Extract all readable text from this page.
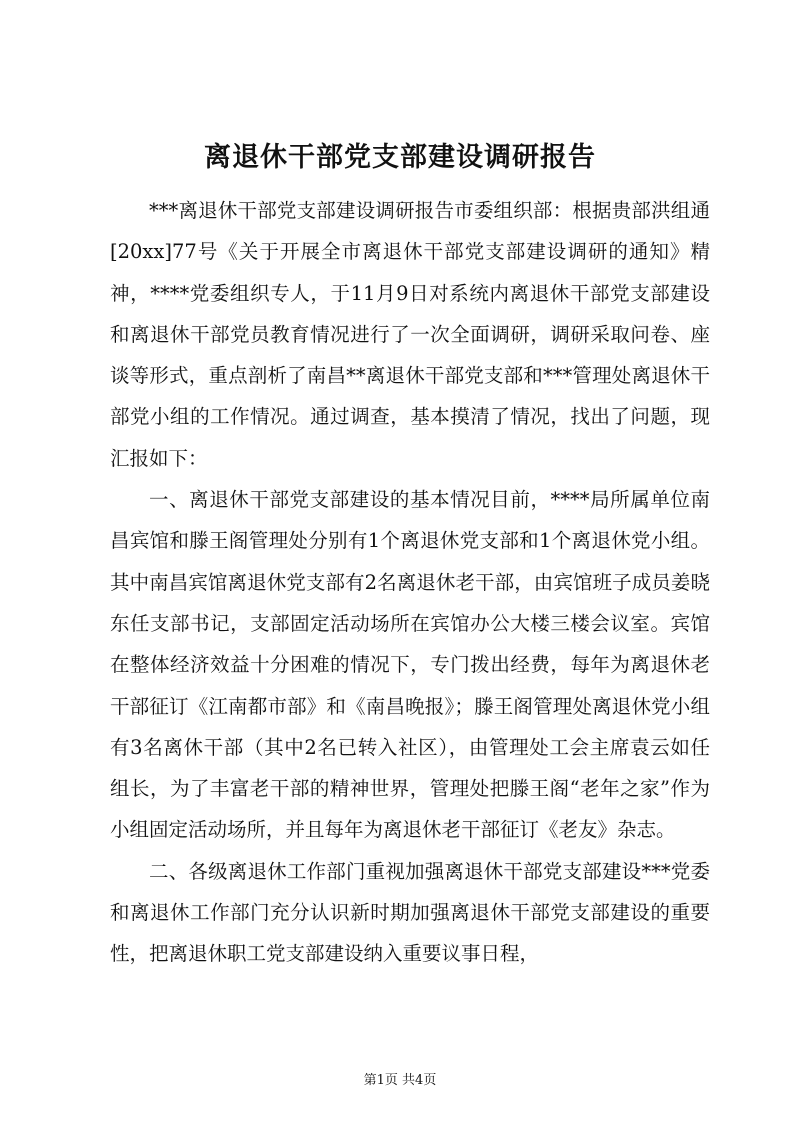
离退休干部党支部建设调研报告

***离退休干部党支部建设调研报告市委组织部：根据贵部洪组通[20xx]77号《关于开展全市离退休干部党支部建设调研的通知》精神，****党委组织专人，于11月9日对系统内离退休干部党支部建设和离退休干部党员教育情况进行了一次全面调研，调研采取问卷、座谈等形式，重点剖析了南昌**离退休干部党支部和***管理处离退休干部党小组的工作情况。通过调查，基本摸清了情况，找出了问题，现汇报如下：

一、离退休干部党支部建设的基本情况目前，****局所属单位南昌宾馆和滕王阁管理处分别有1个离退休党支部和1个离退休党小组。其中南昌宾馆离退休党支部有2名离退休老干部，由宾馆班子成员姜晓东任支部书记，支部固定活动场所在宾馆办公大楼三楼会议室。宾馆在整体经济效益十分困难的情况下，专门拨出经费，每年为离退休老干部征订《江南都市部》和《南昌晚报》；滕王阁管理处离退休党小组有3名离休干部（其中2名已转入社区），由管理处工会主席袁云如任组长，为了丰富老干部的精神世界，管理处把滕王阁“老年之家”作为小组固定活动场所，并且每年为离退休老干部征订《老友》杂志。

二、各级离退休工作部门重视加强离退休干部党支部建设***党委和离退休工作部门充分认识新时期加强离退休干部党支部建设的重要性，把离退休职工党支部建设纳入重要议事日程，

第1页 共4页
